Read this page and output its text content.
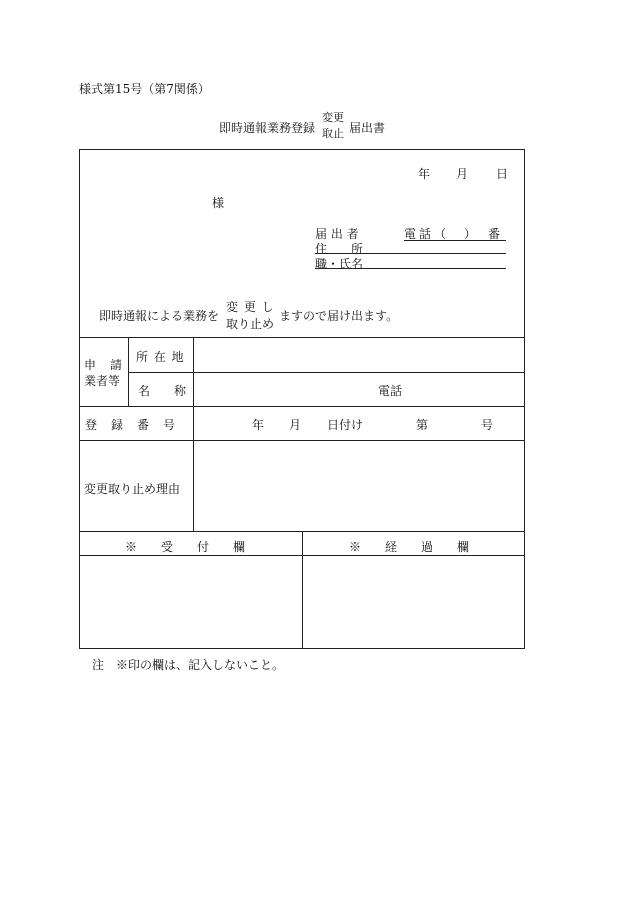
様式第15号（第7関係）
即時通報業務登録
変更
取止 届出書
年 月 日
様
届 出 者	電話（　）　番
住　　所
職・氏名
即時通報による業務を
変 更 し
取り止め
ますので届け出ます。
申　請
業者等
所 在 地
名　　称	電話
登　録　番　号	年 月 日付け	第	号
変更取り止め理由
※　　受　　付　　欄	※　　経　　過　　欄
注　※印の欄は、記入しないこと。
